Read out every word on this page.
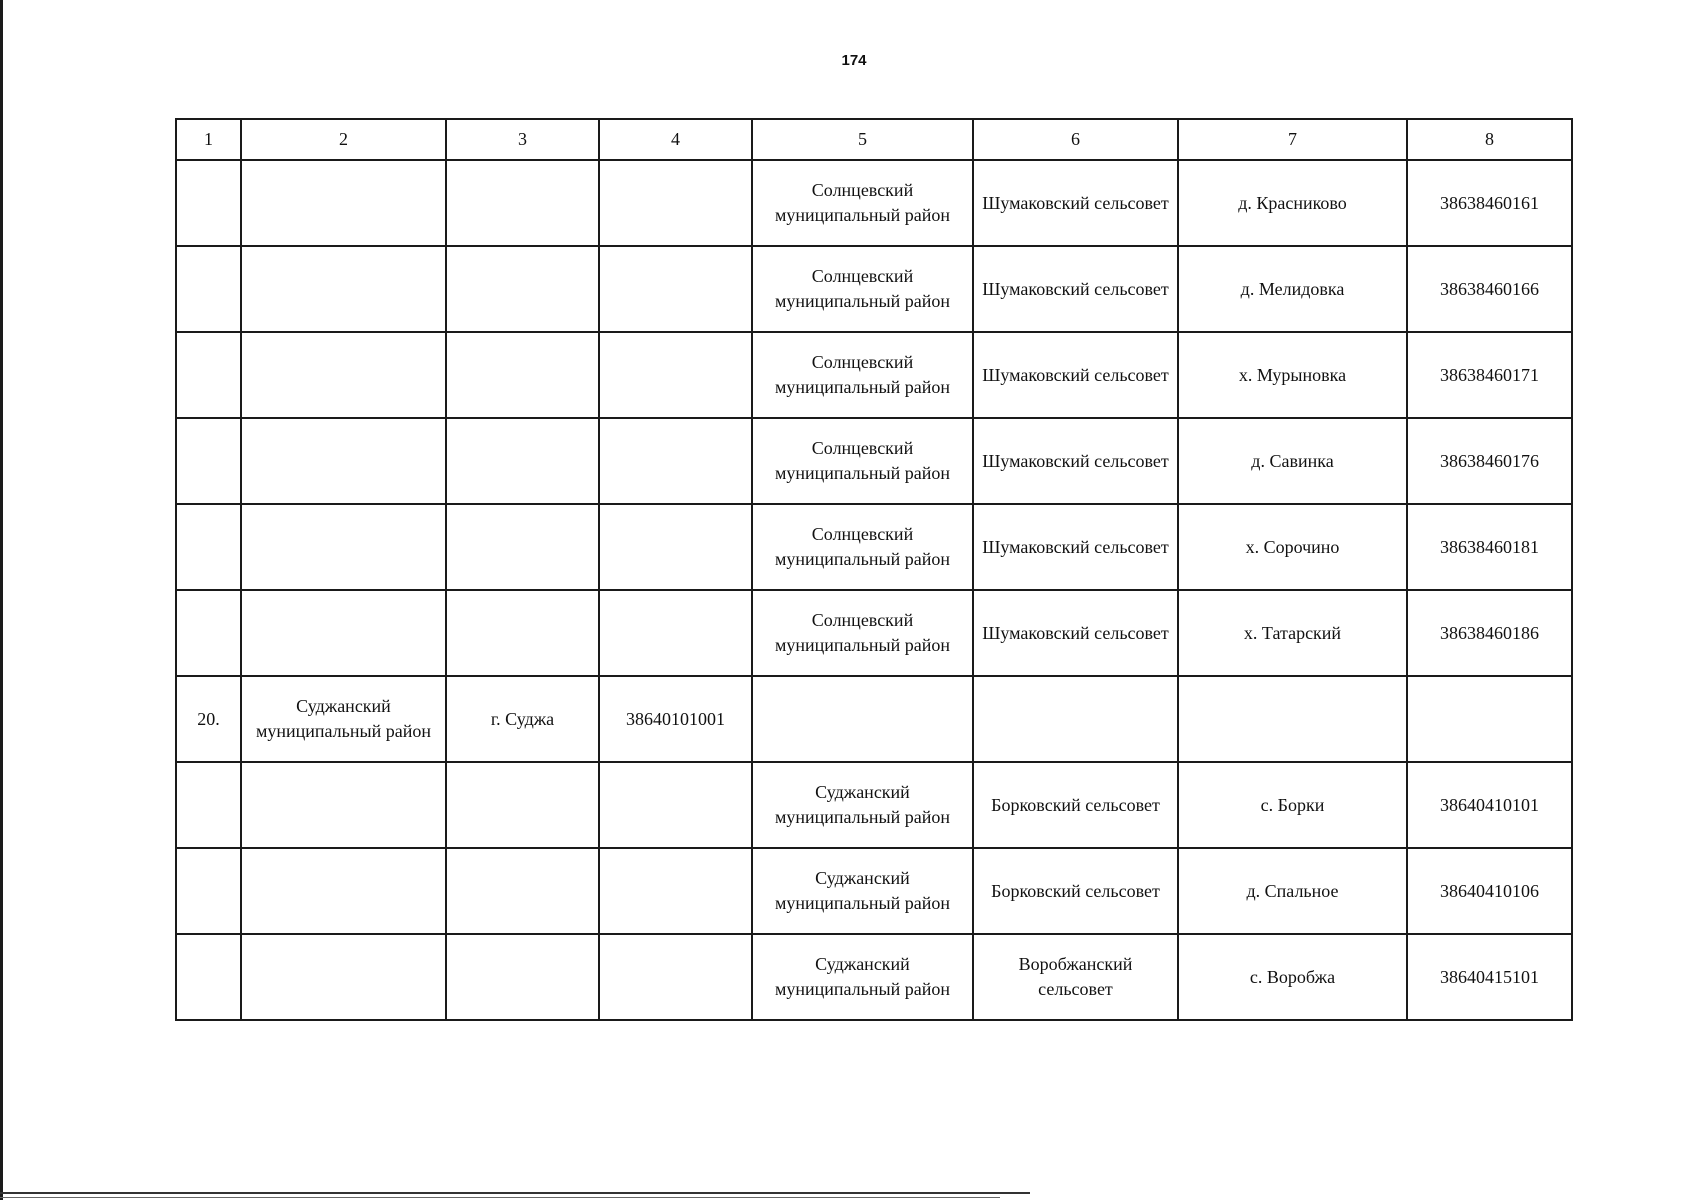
174
1	2	3	4	5	6	7	8
				Солнцевский муниципальный район	Шумаковский сельсовет	д. Красниково	38638460161
				Солнцевский муниципальный район	Шумаковский сельсовет	д. Мелидовка	38638460166
				Солнцевский муниципальный район	Шумаковский сельсовет	х. Мурыновка	38638460171
				Солнцевский муниципальный район	Шумаковский сельсовет	д. Савинка	38638460176
				Солнцевский муниципальный район	Шумаковский сельсовет	х. Сорочино	38638460181
				Солнцевский муниципальный район	Шумаковский сельсовет	х. Татарский	38638460186
20.	Суджанский муниципальный район	г. Суджа	38640101001				
				Суджанский муниципальный район	Борковский сельсовет	с. Борки	38640410101
				Суджанский муниципальный район	Борковский сельсовет	д. Спальное	38640410106
				Суджанский муниципальный район	Воробжанский сельсовет	с. Воробжа	38640415101
